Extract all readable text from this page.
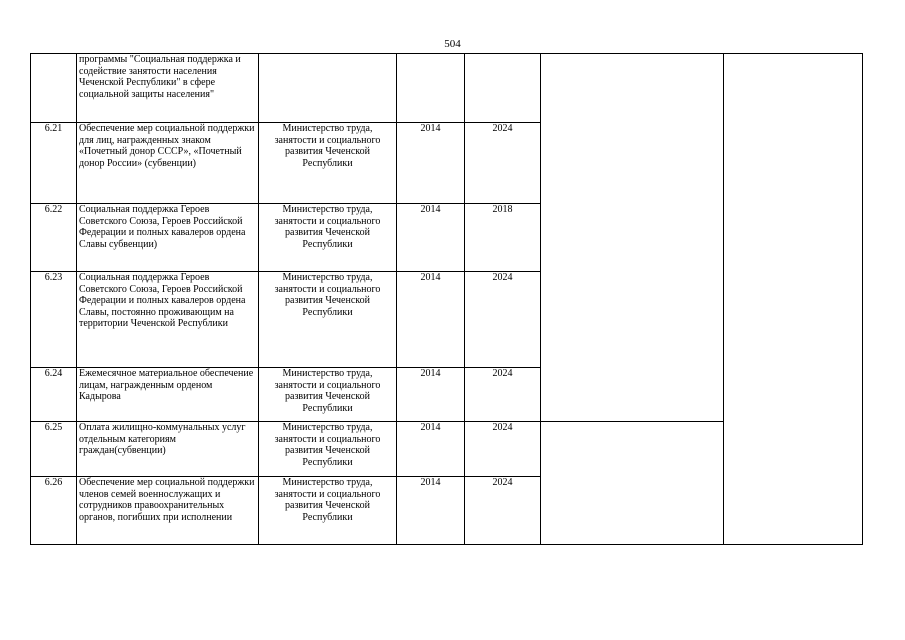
504
	программы "Социальная поддержка и содействие занятости населения Чеченской Республики" в сфере социальной защиты населения"					
6.21	Обеспечение мер социальной поддержки для лиц, награжденных знаком «Почетный донор СССР», «Почетный донор России» (субвенции)	Министерство труда, занятости и социального развития Чеченской Республики	2014	2024		
6.22	Социальная поддержка Героев Советского Союза, Героев Российской Федерации и полных кавалеров ордена Славы субвенции)	Министерство труда, занятости и социального развития Чеченской Республики	2014	2018		
6.23	Социальная поддержка Героев Советского Союза, Героев Российской Федерации и полных кавалеров ордена Славы, постоянно проживающим на территории Чеченской Республики	Министерство труда, занятости и социального развития Чеченской Республики	2014	2024		
6.24	Ежемесячное материальное обеспечение лицам, награжденным орденом Кадырова	Министерство труда, занятости и социального развития Чеченской Республики	2014	2024		
6.25	Оплата жилищно-коммунальных услуг отдельным категориям граждан(субвенции)	Министерство труда, занятости и социального развития Чеченской Республики	2014	2024		
6.26	Обеспечение мер социальной поддержки членов семей военнослужащих и сотрудников правоохранительных органов, погибших при исполнении	Министерство труда, занятости и социального развития Чеченской Республики	2014	2024		
